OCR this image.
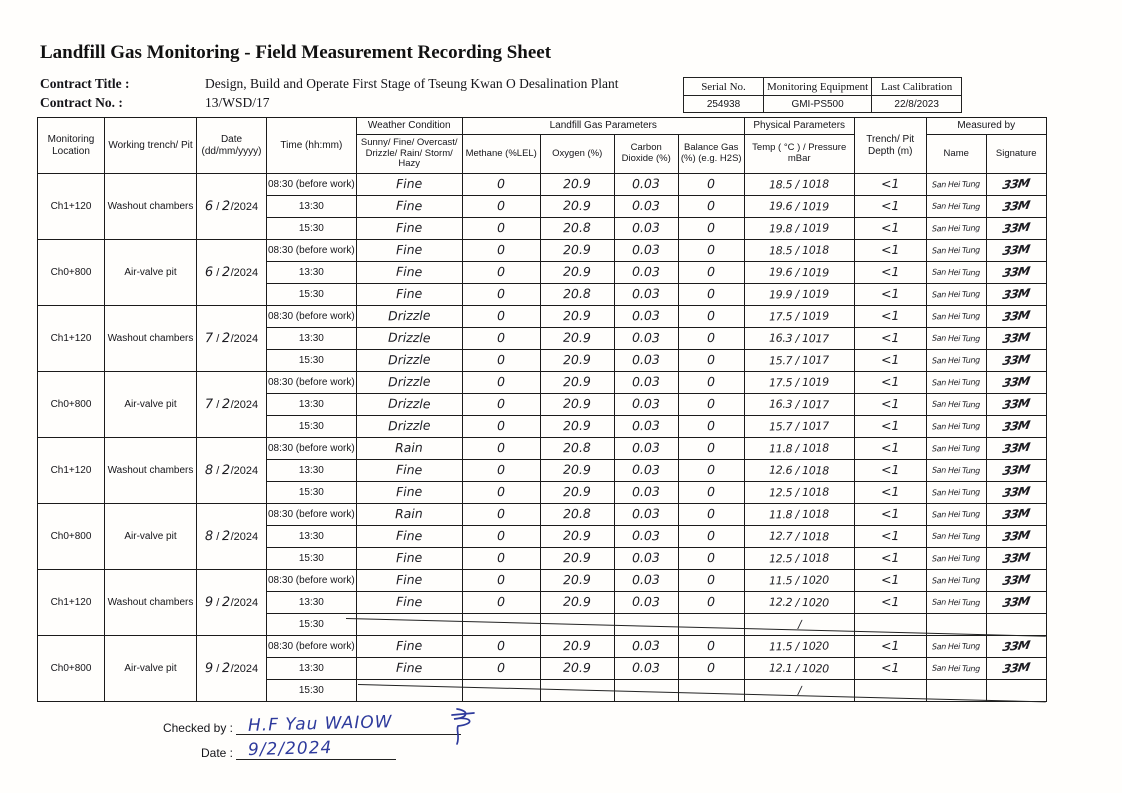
Landfill Gas Monitoring - Field Measurement Recording Sheet
Contract Title :	Design, Build and Operate First Stage of Tseung Kwan O Desalination Plant
Contract No. :	13/WSD/17
Serial No.	Monitoring Equipment	Last Calibration
254938	GMI-PS500	22/8/2023
Monitoring Location	Working trench/ Pit	Date (dd/mm/yyyy)	Time (hh:mm)	Weather Condition	Landfill Gas Parameters				Physical Parameters	Trench/ Pit Depth (m)	Measured by	
				Sunny/ Fine/ Overcast/ Drizzle/ Rain/ Storm/ Hazy	Methane (%LEL)	Oxygen (%)	Carbon Dioxide (%)	Balance Gas (%) (e.g. H2S)	Temp ( °C ) / Pressure mBar		Name	Signature
Ch1+120	Washout chambers	6 / 2/2024	08:30 (before work)	Fine	0	20.9	0.03	0	18.5 / 1018	<1	San Hei Tung	33M
			13:30	Fine	0	20.9	0.03	0	19.6 / 1019	<1	San Hei Tung	33M
			15:30	Fine	0	20.8	0.03	0	19.8 / 1019	<1	San Hei Tung	33M
Ch0+800	Air-valve pit	6 / 2/2024	08:30 (before work)	Fine	0	20.9	0.03	0	18.5 / 1018	<1	San Hei Tung	33M
			13:30	Fine	0	20.9	0.03	0	19.6 / 1019	<1	San Hei Tung	33M
			15:30	Fine	0	20.8	0.03	0	19.9 / 1019	<1	San Hei Tung	33M
Ch1+120	Washout chambers	7 / 2/2024	08:30 (before work)	Drizzle	0	20.9	0.03	0	17.5 / 1019	<1	San Hei Tung	33M
			13:30	Drizzle	0	20.9	0.03	0	16.3 / 1017	<1	San Hei Tung	33M
			15:30	Drizzle	0	20.9	0.03	0	15.7 / 1017	<1	San Hei Tung	33M
Ch0+800	Air-valve pit	7 / 2/2024	08:30 (before work)	Drizzle	0	20.9	0.03	0	17.5 / 1019	<1	San Hei Tung	33M
			13:30	Drizzle	0	20.9	0.03	0	16.3 / 1017	<1	San Hei Tung	33M
			15:30	Drizzle	0	20.9	0.03	0	15.7 / 1017	<1	San Hei Tung	33M
Ch1+120	Washout chambers	8 / 2/2024	08:30 (before work)	Rain	0	20.8	0.03	0	11.8 / 1018	<1	San Hei Tung	33M
			13:30	Fine	0	20.9	0.03	0	12.6 / 1018	<1	San Hei Tung	33M
			15:30	Fine	0	20.9	0.03	0	12.5 / 1018	<1	San Hei Tung	33M
Ch0+800	Air-valve pit	8 / 2/2024	08:30 (before work)	Rain	0	20.8	0.03	0	11.8 / 1018	<1	San Hei Tung	33M
			13:30	Fine	0	20.9	0.03	0	12.7 / 1018	<1	San Hei Tung	33M
			15:30	Fine	0	20.9	0.03	0	12.5 / 1018	<1	San Hei Tung	33M
Ch1+120	Washout chambers	9 / 2/2024	08:30 (before work)	Fine	0	20.9	0.03	0	11.5 / 1020	<1	San Hei Tung	33M
			13:30	Fine	0	20.9	0.03	0	12.2 / 1020	<1	San Hei Tung	33M
			15:30						/			
Ch0+800	Air-valve pit	9 / 2/2024	08:30 (before work)	Fine	0	20.9	0.03	0	11.5 / 1020	<1	San Hei Tung	33M
			13:30	Fine	0	20.9	0.03	0	12.1 / 1020	<1	San Hei Tung	33M
			15:30						/			
Checked by : H.F Yau WAIOW
Date : 9/2/2024
